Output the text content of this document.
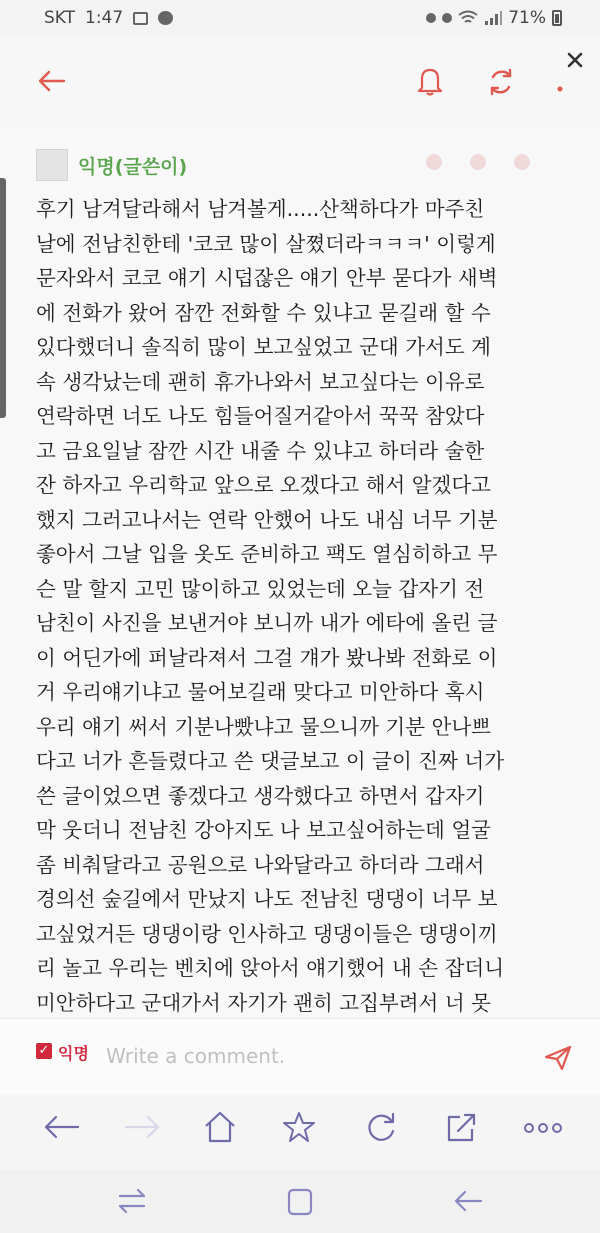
SKT 1:47	71%
익명(글쓴이)
후기 남겨달라해서 남겨볼게.....산책하다가 마주친
날에 전남친한테 '코코 많이 살쪘더라ㅋㅋㅋ' 이렇게
문자와서 코코 얘기 시덥잖은 얘기 안부 묻다가 새벽
에 전화가 왔어 잠깐 전화할 수 있냐고 묻길래 할 수
있다했더니 솔직히 많이 보고싶었고 군대 가서도 계
속 생각났는데 괜히 휴가나와서 보고싶다는 이유로
연락하면 너도 나도 힘들어질거같아서 꾹꾹 참았다
고 금요일날 잠깐 시간 내줄 수 있냐고 하더라 술한
잔 하자고 우리학교 앞으로 오겠다고 해서 알겠다고
했지 그러고나서는 연락 안했어 나도 내심 너무 기분
좋아서 그날 입을 옷도 준비하고 팩도 열심히하고 무
슨 말 할지 고민 많이하고 있었는데 오늘 갑자기 전
남친이 사진을 보낸거야 보니까 내가 에타에 올린 글
이 어딘가에 퍼날라져서 그걸 걔가 봤나봐 전화로 이
거 우리얘기냐고 물어보길래 맞다고 미안하다 혹시
우리 얘기 써서 기분나빴냐고 물으니까 기분 안나쁘
다고 너가 흔들렸다고 쓴 댓글보고 이 글이 진짜 너가
쓴 글이었으면 좋겠다고 생각했다고 하면서 갑자기
막 웃더니 전남친 강아지도 나 보고싶어하는데 얼굴
좀 비춰달라고 공원으로 나와달라고 하더라 그래서
경의선 숲길에서 만났지 나도 전남친 댕댕이 너무 보
고싶었거든 댕댕이랑 인사하고 댕댕이들은 댕댕이끼
리 놀고 우리는 벤치에 앉아서 얘기했어 내 손 잡더니
미안하다고 군대가서 자기가 괜히 고집부려서 너 못

✓ 익명
Write a comment.
